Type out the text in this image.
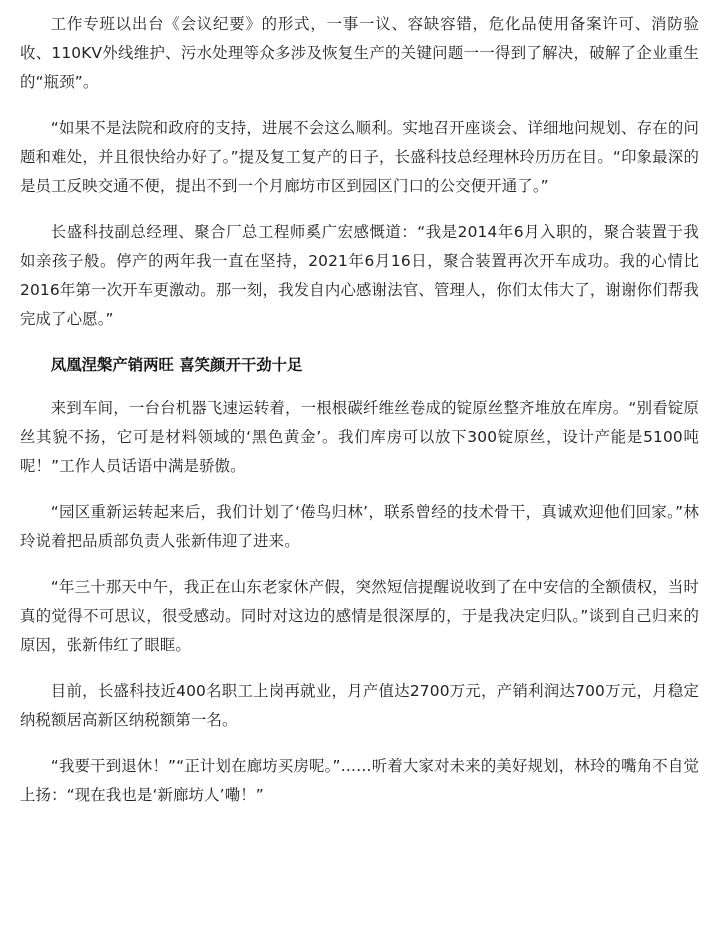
工作专班以出台《会议纪要》的形式，一事一议、容缺容错，危化品使用备案许可、消防验收、110KV外线维护、污水处理等众多涉及恢复生产的关键问题一一得到了解决，破解了企业重生的“瓶颈”。

“如果不是法院和政府的支持，进展不会这么顺利。实地召开座谈会、详细地问规划、存在的问题和难处，并且很快给办好了。”提及复工复产的日子，长盛科技总经理林玲历历在目。“印象最深的是员工反映交通不便，提出不到一个月廊坊市区到园区门口的公交便开通了。”

长盛科技副总经理、聚合厂总工程师奚广宏感慨道：“我是2014年6月入职的，聚合装置于我如亲孩子般。停产的两年我一直在坚持，2021年6月16日，聚合装置再次开车成功。我的心情比2016年第一次开车更激动。那一刻，我发自内心感谢法官、管理人，你们太伟大了，谢谢你们帮我完成了心愿。”

凤凰涅槃产销两旺 喜笑颜开干劲十足

来到车间，一台台机器飞速运转着，一根根碳纤维丝卷成的锭原丝整齐堆放在库房。“别看锭原丝其貌不扬，它可是材料领域的‘黑色黄金’。我们库房可以放下300锭原丝，设计产能是5100吨呢！”工作人员话语中满是骄傲。

“园区重新运转起来后，我们计划了‘倦鸟归林’，联系曾经的技术骨干，真诚欢迎他们回家。”林玲说着把品质部负责人张新伟迎了进来。

“年三十那天中午，我正在山东老家休产假，突然短信提醒说收到了在中安信的全额债权，当时真的觉得不可思议，很受感动。同时对这边的感情是很深厚的，于是我决定归队。”谈到自己归来的原因，张新伟红了眼眶。

目前，长盛科技近400名职工上岗再就业，月产值达2700万元，产销利润达700万元，月稳定纳税额居高新区纳税额第一名。

“我要干到退休！”“正计划在廊坊买房呢。”……听着大家对未来的美好规划，林玲的嘴角不自觉上扬：“现在我也是‘新廊坊人’嘞！”
